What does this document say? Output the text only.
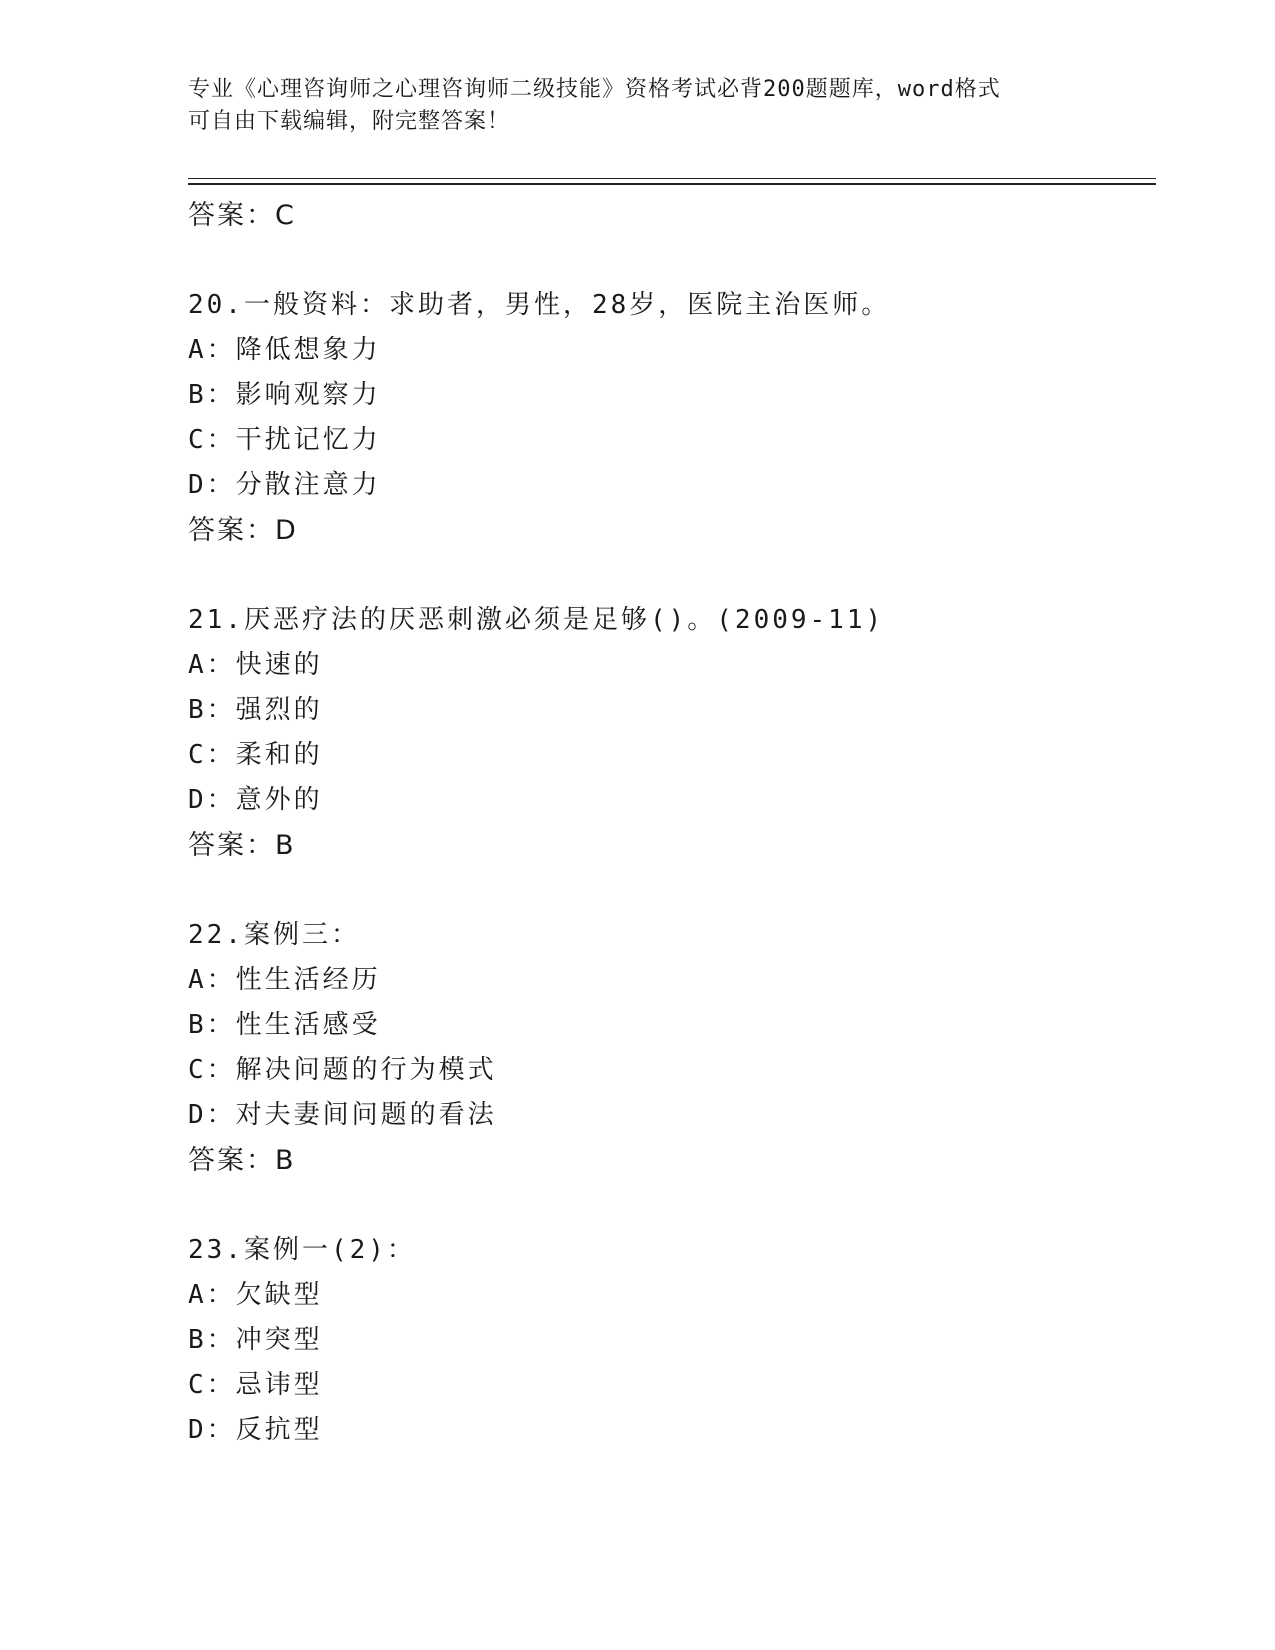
专业《心理咨询师之心理咨询师二级技能》资格考试必背200题题库，word格式
可自由下载编辑，附完整答案！
答案：C
20.一般资料：求助者，男性，28岁，医院主治医师。
A：降低想象力
B：影响观察力
C：干扰记忆力
D：分散注意力
答案：D
21.厌恶疗法的厌恶刺激必须是足够()。(2009-11)
A：快速的
B：强烈的
C：柔和的
D：意外的
答案：B
22.案例三：
A：性生活经历
B：性生活感受
C：解决问题的行为模式
D：对夫妻间问题的看法
答案：B
23.案例一(2)：
A：欠缺型
B：冲突型
C：忌讳型
D：反抗型
